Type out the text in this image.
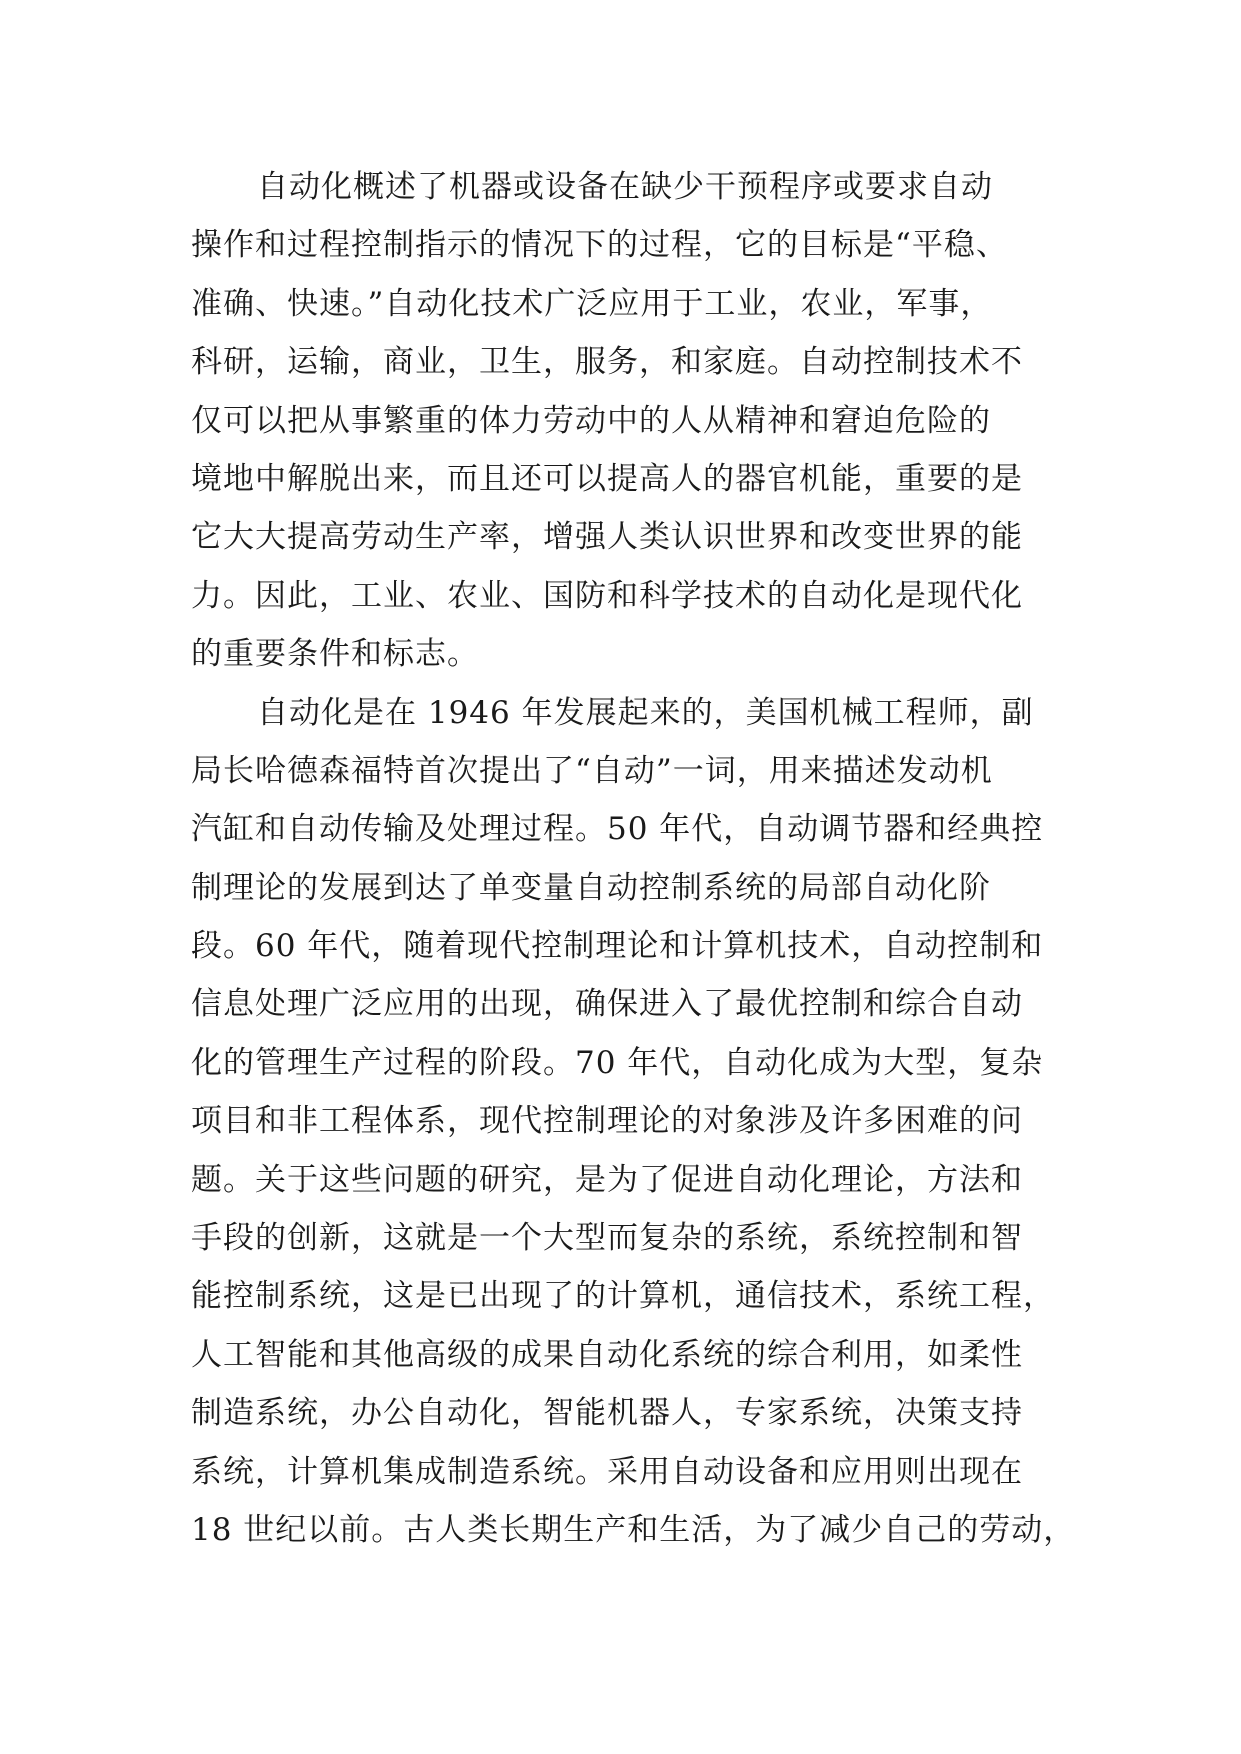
自动化概述了机器或设备在缺少干预程序或要求自动
操作和过程控制指示的情况下的过程，它的目标是“平稳、
准确、快速。”自动化技术广泛应用于工业，农业，军事，
科研，运输，商业，卫生，服务，和家庭。自动控制技术不
仅可以把从事繁重的体力劳动中的人从精神和窘迫危险的
境地中解脱出来，而且还可以提高人的器官机能，重要的是
它大大提高劳动生产率，增强人类认识世界和改变世界的能
力。因此，工业、农业、国防和科学技术的自动化是现代化
的重要条件和标志。
自动化是在 1946 年发展起来的，美国机械工程师，副
局长哈德森福特首次提出了“自动”一词，用来描述发动机
汽缸和自动传输及处理过程。50 年代，自动调节器和经典控
制理论的发展到达了单变量自动控制系统的局部自动化阶
段。60 年代，随着现代控制理论和计算机技术，自动控制和
信息处理广泛应用的出现，确保进入了最优控制和综合自动
化的管理生产过程的阶段。70 年代，自动化成为大型，复杂
项目和非工程体系，现代控制理论的对象涉及许多困难的问
题。关于这些问题的研究，是为了促进自动化理论，方法和
手段的创新，这就是一个大型而复杂的系统，系统控制和智
能控制系统，这是已出现了的计算机，通信技术，系统工程，
人工智能和其他高级的成果自动化系统的综合利用，如柔性
制造系统，办公自动化，智能机器人，专家系统，决策支持
系统，计算机集成制造系统。采用自动设备和应用则出现在
18 世纪以前。古人类长期生产和生活，为了减少自己的劳动，
